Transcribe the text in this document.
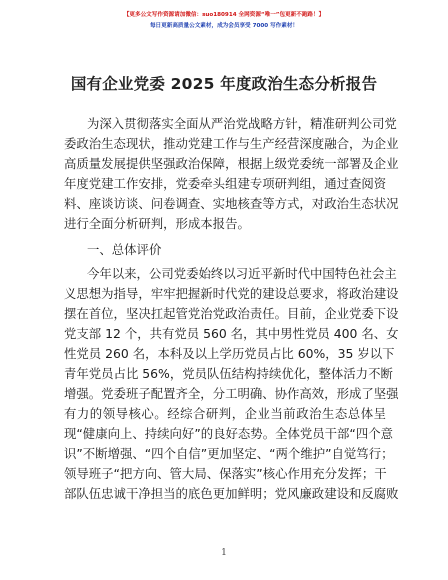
【更多公文写作资源请加微信：suo180914 全网资源“唯一”包更新不跑路！】
每日更新高质量公文素材，成为会员享受 7000 写作素材！
国有企业党委 2025 年度政治生态分析报告
为深入贯彻落实全面从严治党战略方针，精准研判公司党
委政治生态现状，推动党建工作与生产经营深度融合，为企业
高质量发展提供坚强政治保障，根据上级党委统一部署及企业
年度党建工作安排，党委牵头组建专项研判组，通过查阅资
料、座谈访谈、问卷调查、实地核查等方式，对政治生态状况
进行全面分析研判，形成本报告。
一、总体评价
今年以来，公司党委始终以习近平新时代中国特色社会主
义思想为指导，牢牢把握新时代党的建设总要求，将政治建设
摆在首位，坚决扛起管党治党政治责任。目前，企业党委下设
党支部 12 个，共有党员 560 名，其中男性党员 400 名、女
性党员 260 名，本科及以上学历党员占比 60%，35 岁以下
青年党员占比 56%，党员队伍结构持续优化，整体活力不断
增强。党委班子配置齐全，分工明确、协作高效，形成了坚强
有力的领导核心。经综合研判，企业当前政治生态总体呈
现“健康向上、持续向好”的良好态势。全体党员干部“四个意
识”不断增强、“四个自信”更加坚定、“两个维护”自觉笃行；
领导班子“把方向、管大局、保落实”核心作用充分发挥；干
部队伍忠诚干净担当的底色更加鲜明；党风廉政建设和反腐败
1
